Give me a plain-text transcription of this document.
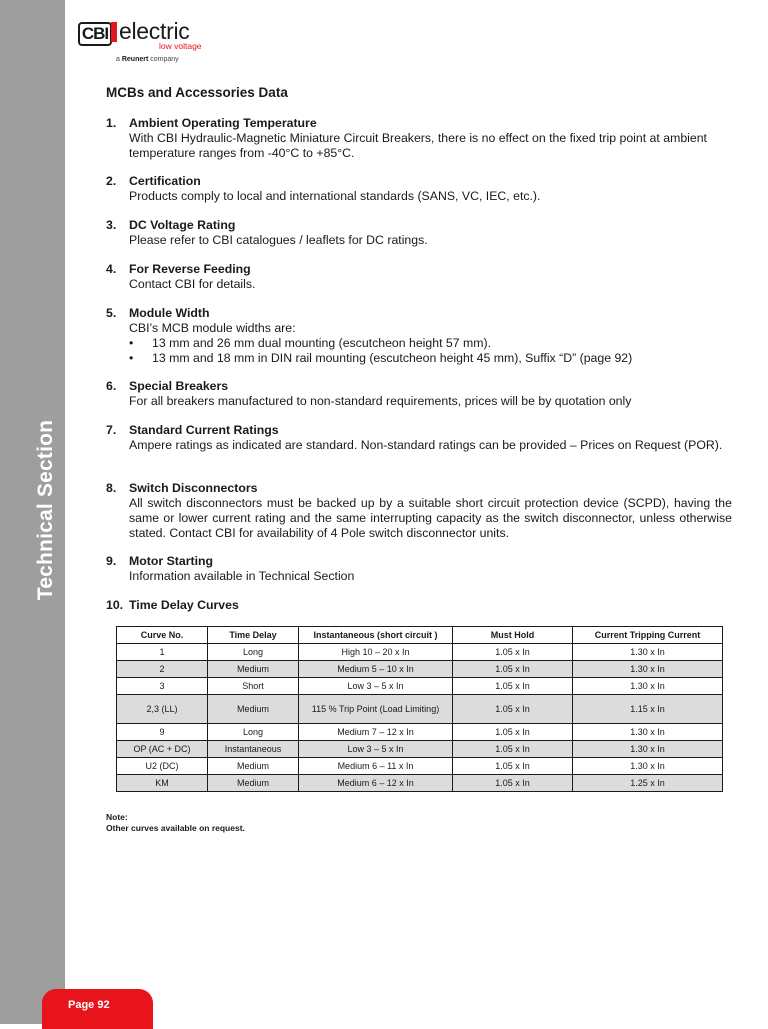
Technical Section
Page 92
CBI electric
low voltage
a Reunert company
MCBs and Accessories Data
1. Ambient Operating Temperature
With CBI Hydraulic-Magnetic Miniature Circuit Breakers, there is no effect on the fixed trip point at ambient
temperature ranges from -40°C to +85°C.
2. Certification
Products comply to local and international standards (SANS, VC, IEC, etc.).
3. DC Voltage Rating
Please refer to CBI catalogues / leaflets for DC ratings.
4. For Reverse Feeding
Contact CBI for details.
5. Module Width
CBI’s MCB module widths are:
• 13 mm and 26 mm dual mounting (escutcheon height 57 mm).
• 13 mm and 18 mm in DIN rail mounting (escutcheon height 45 mm), Suffix “D” (page 92)
6. Special Breakers
For all breakers manufactured to non-standard requirements, prices will be by quotation only
7. Standard Current Ratings
Ampere ratings as indicated are standard. Non-standard ratings can be provided – Prices on Request (POR).
8. Switch Disconnectors
All switch disconnectors must be backed up by a suitable short circuit protection device (SCPD), having the same or lower current rating and the same interrupting capacity as the switch disconnector, unless otherwise stated. Contact CBI for availability of 4 Pole switch disconnector units.
9. Motor Starting
Information available in Technical Section
10. Time Delay Curves
Curve No.	Time Delay	Instantaneous (short circuit )	Must Hold	Current Tripping Current
1	Long	High 10 – 20 x In	1.05 x In	1.30 x In
2	Medium	Medium 5 – 10 x In	1.05 x In	1.30 x In
3	Short	Low 3 – 5 x In	1.05 x In	1.30 x In
2,3 (LL)	Medium	115 % Trip Point (Load Limiting)	1.05 x In	1.15 x In
9	Long	Medium 7 – 12 x In	1.05 x In	1.30 x In
OP (AC + DC)	Instantaneous	Low 3 – 5 x In	1.05 x In	1.30 x In
U2 (DC)	Medium	Medium 6 – 11 x In	1.05 x In	1.30 x In
KM	Medium	Medium 6 – 12 x In	1.05 x In	1.25 x In
Note:
Other curves available on request.
